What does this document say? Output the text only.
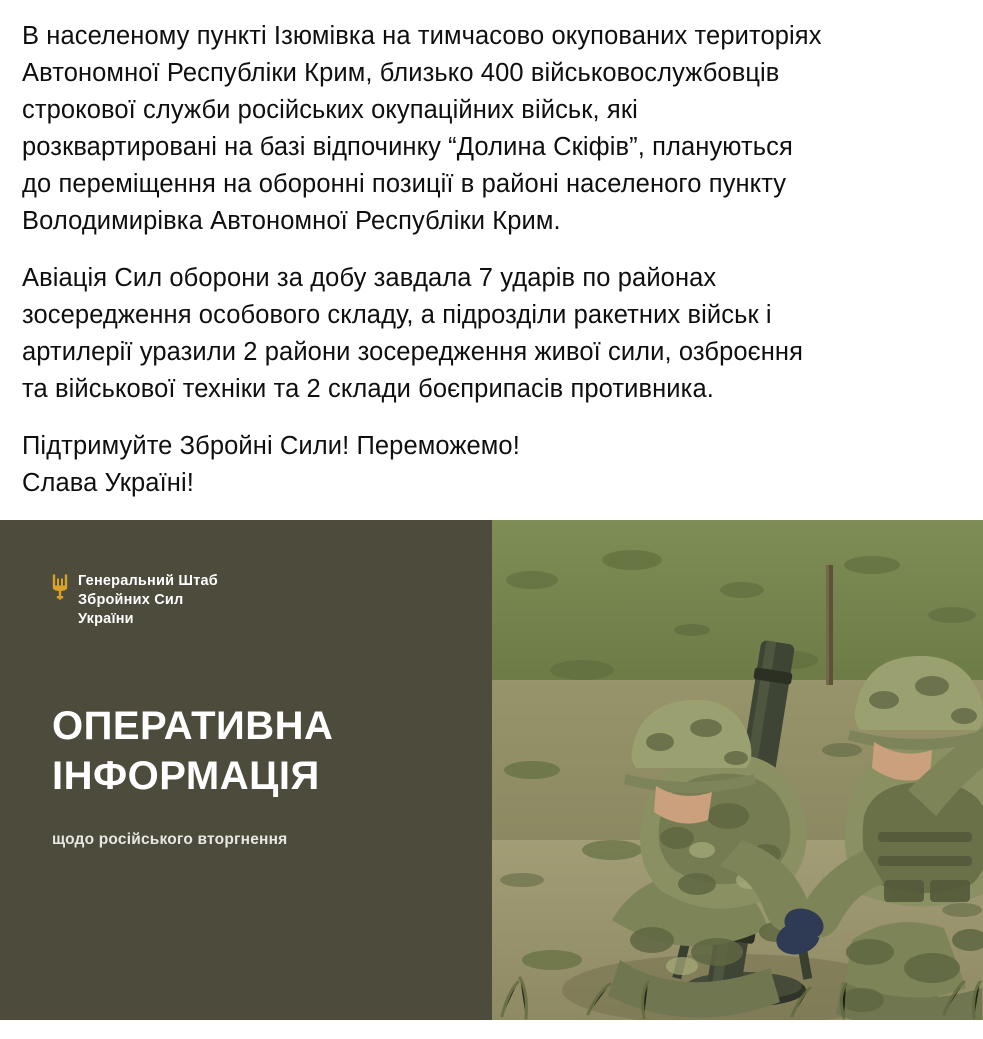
В населеному пункті Ізюмівка на тимчасово окупованих територіях
Автономної Республіки Крим, близько 400 військовослужбовців
строкової служби російських окупаційних військ, які
розквартировані на базі відпочинку “Долина Скіфів”, плануються
до переміщення на оборонні позиції в районі населеного пункту
Володимирівка Автономної Республіки Крим.

Авіація Сил оборони за добу завдала 7 ударів по районах
зосередження особового складу, а підрозділи ракетних військ і
артилерії уразили 2 райони зосередження живої сили, озброєння
та військової техніки та 2 склади боєприпасів противника.

Підтримуйте Збройні Сили! Переможемо!
Слава Україні!

Генеральний Штаб
Збройних Сил
України
ОПЕРАТИВНА
ІНФОРМАЦІЯ
щодо російського вторгнення
